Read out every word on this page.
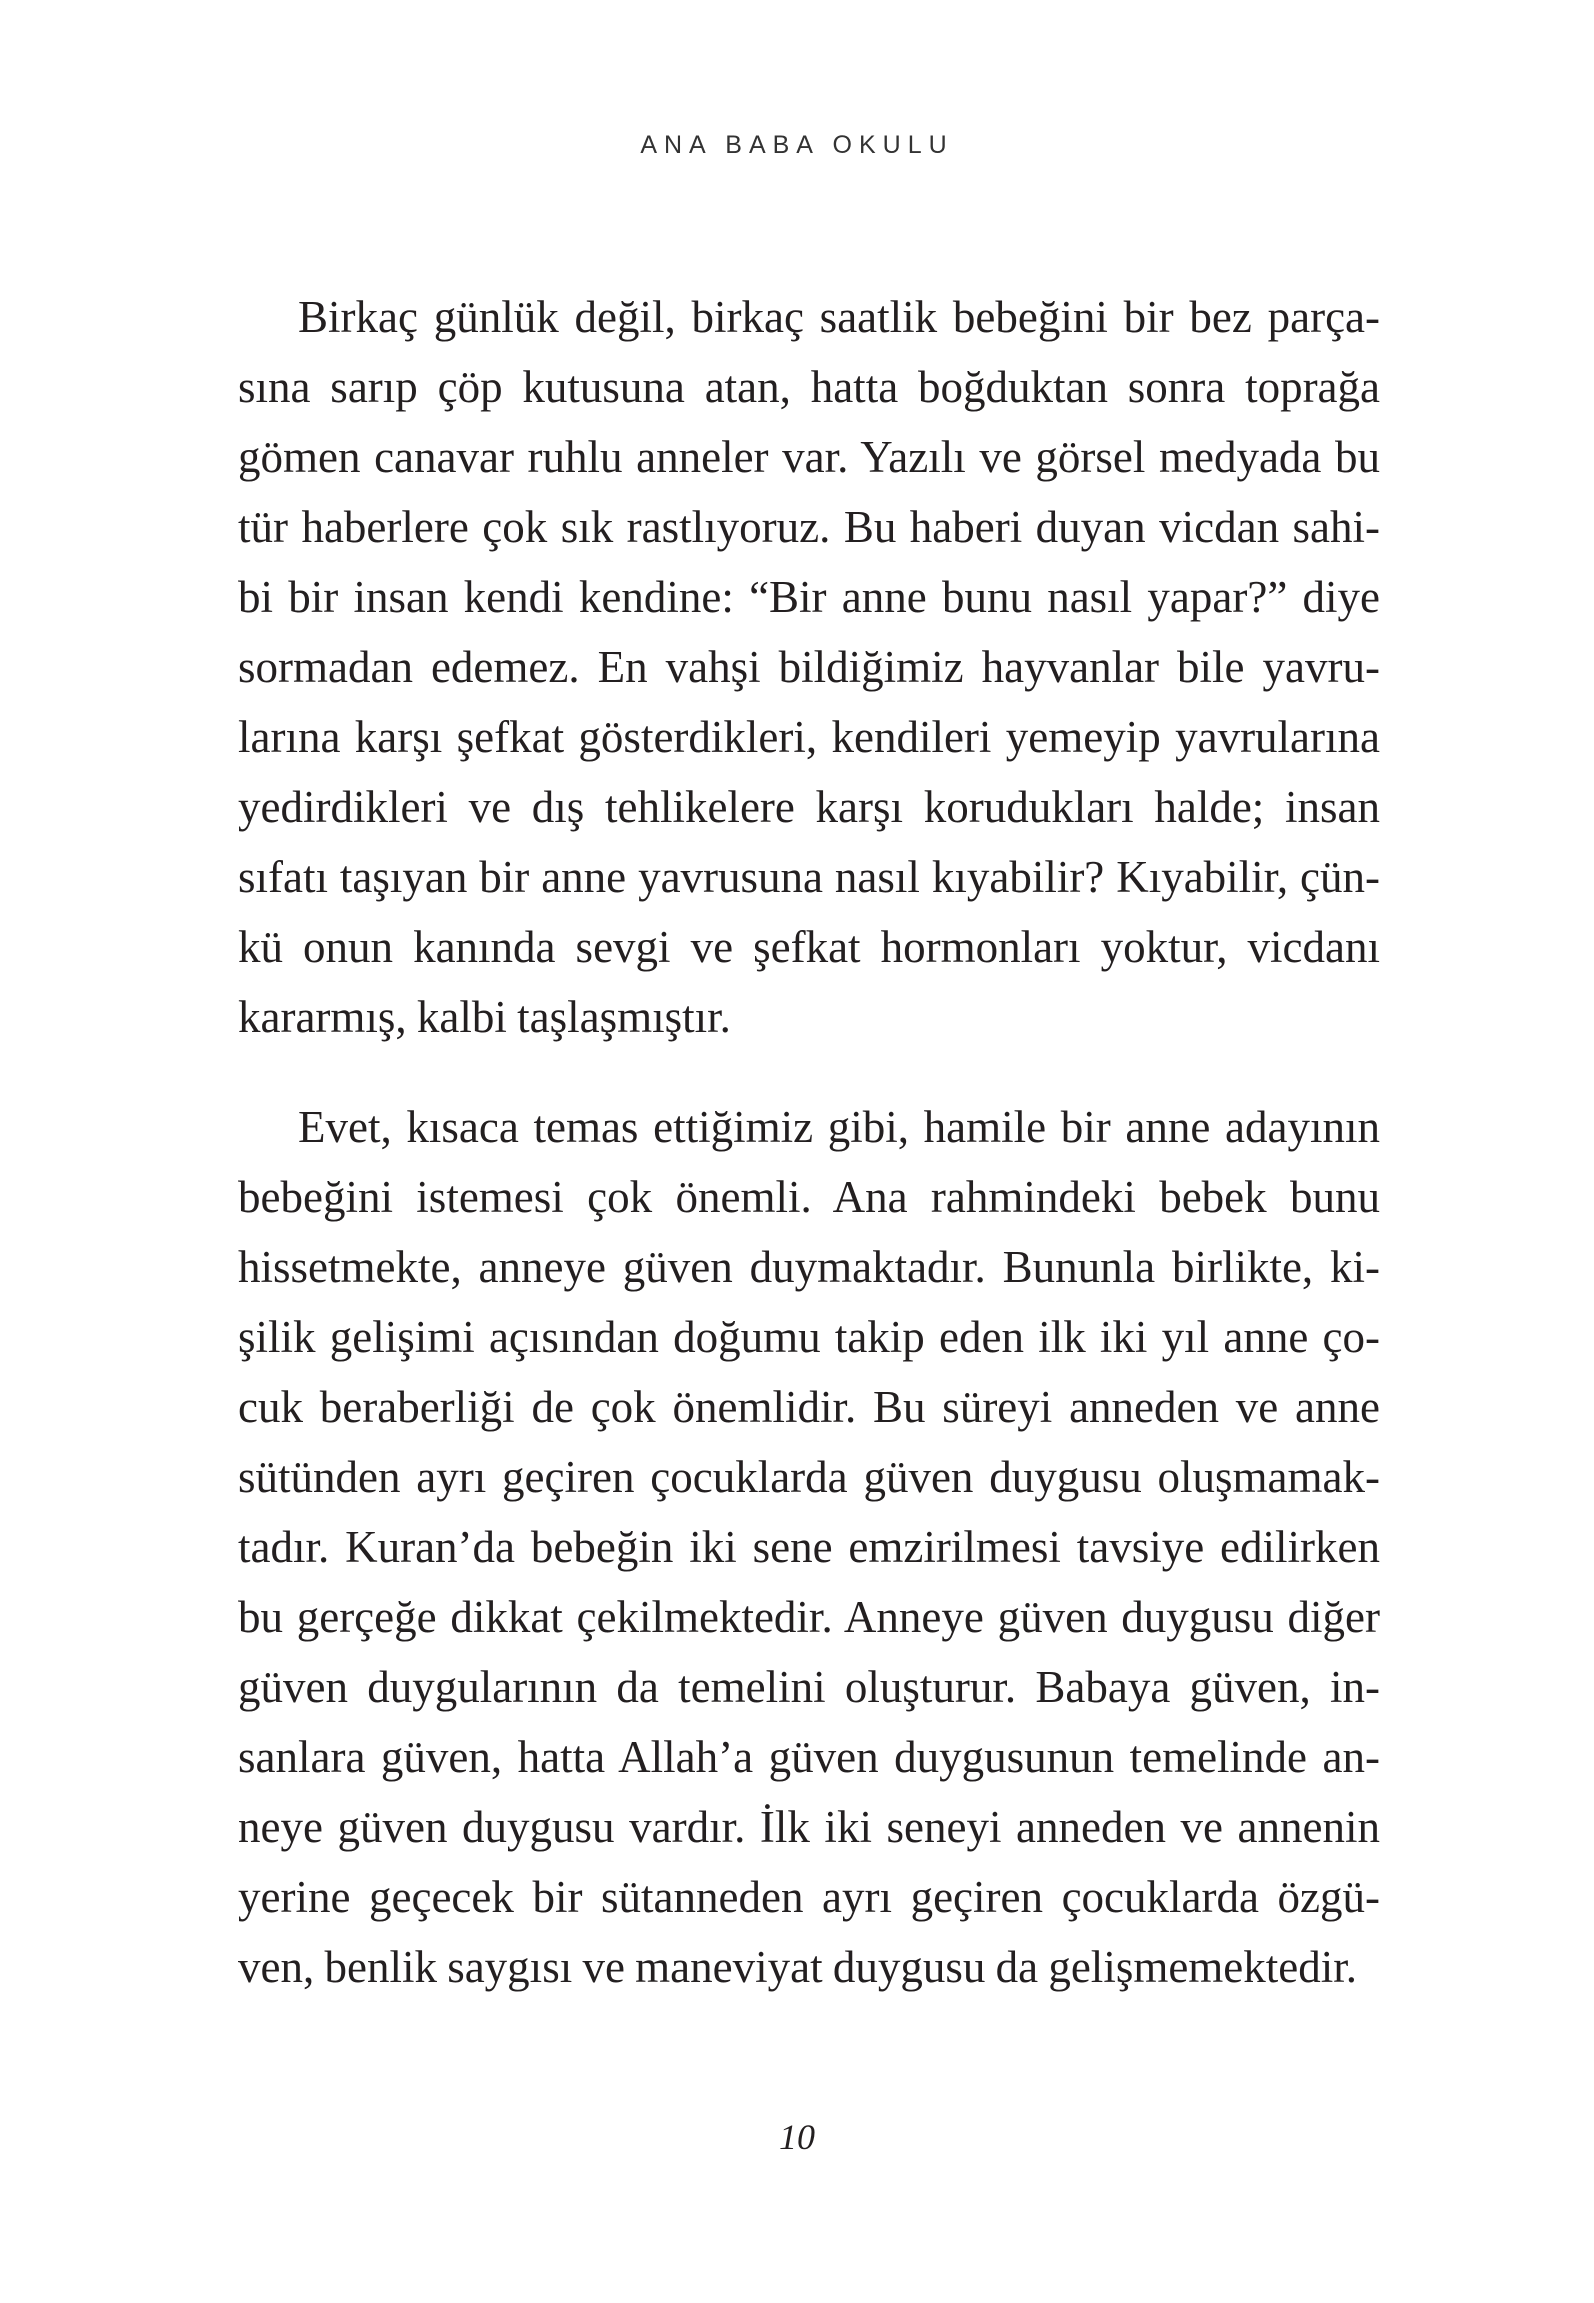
ANA BABA OKULU

Birkaç günlük değil, birkaç saatlik bebeğini bir bez parça-
sına sarıp çöp kutusuna atan, hatta boğduktan sonra toprağa
gömen canavar ruhlu anneler var. Yazılı ve görsel medyada bu
tür haberlere çok sık rastlıyoruz. Bu haberi duyan vicdan sahi-
bi bir insan kendi kendine: “Bir anne bunu nasıl yapar?” diye
sormadan edemez. En vahşi bildiğimiz hayvanlar bile yavru-
larına karşı şefkat gösterdikleri, kendileri yemeyip yavrularına
yedirdikleri ve dış tehlikelere karşı korudukları halde; insan
sıfatı taşıyan bir anne yavrusuna nasıl kıyabilir? Kıyabilir, çün-
kü onun kanında sevgi ve şefkat hormonları yoktur, vicdanı
kararmış, kalbi taşlaşmıştır.

Evet, kısaca temas ettiğimiz gibi, hamile bir anne adayının
bebeğini istemesi çok önemli. Ana rahmindeki bebek bunu
hissetmekte, anneye güven duymaktadır. Bununla birlikte, ki-
şilik gelişimi açısından doğumu takip eden ilk iki yıl anne ço-
cuk beraberliği de çok önemlidir. Bu süreyi anneden ve anne
sütünden ayrı geçiren çocuklarda güven duygusu oluşmamak-
tadır. Kuran’da bebeğin iki sene emzirilmesi tavsiye edilirken
bu gerçeğe dikkat çekilmektedir. Anneye güven duygusu diğer
güven duygularının da temelini oluşturur. Babaya güven, in-
sanlara güven, hatta Allah’a güven duygusunun temelinde an-
neye güven duygusu vardır. İlk iki seneyi anneden ve annenin
yerine geçecek bir sütanneden ayrı geçiren çocuklarda özgü-
ven, benlik saygısı ve maneviyat duygusu da gelişmemektedir.

10
